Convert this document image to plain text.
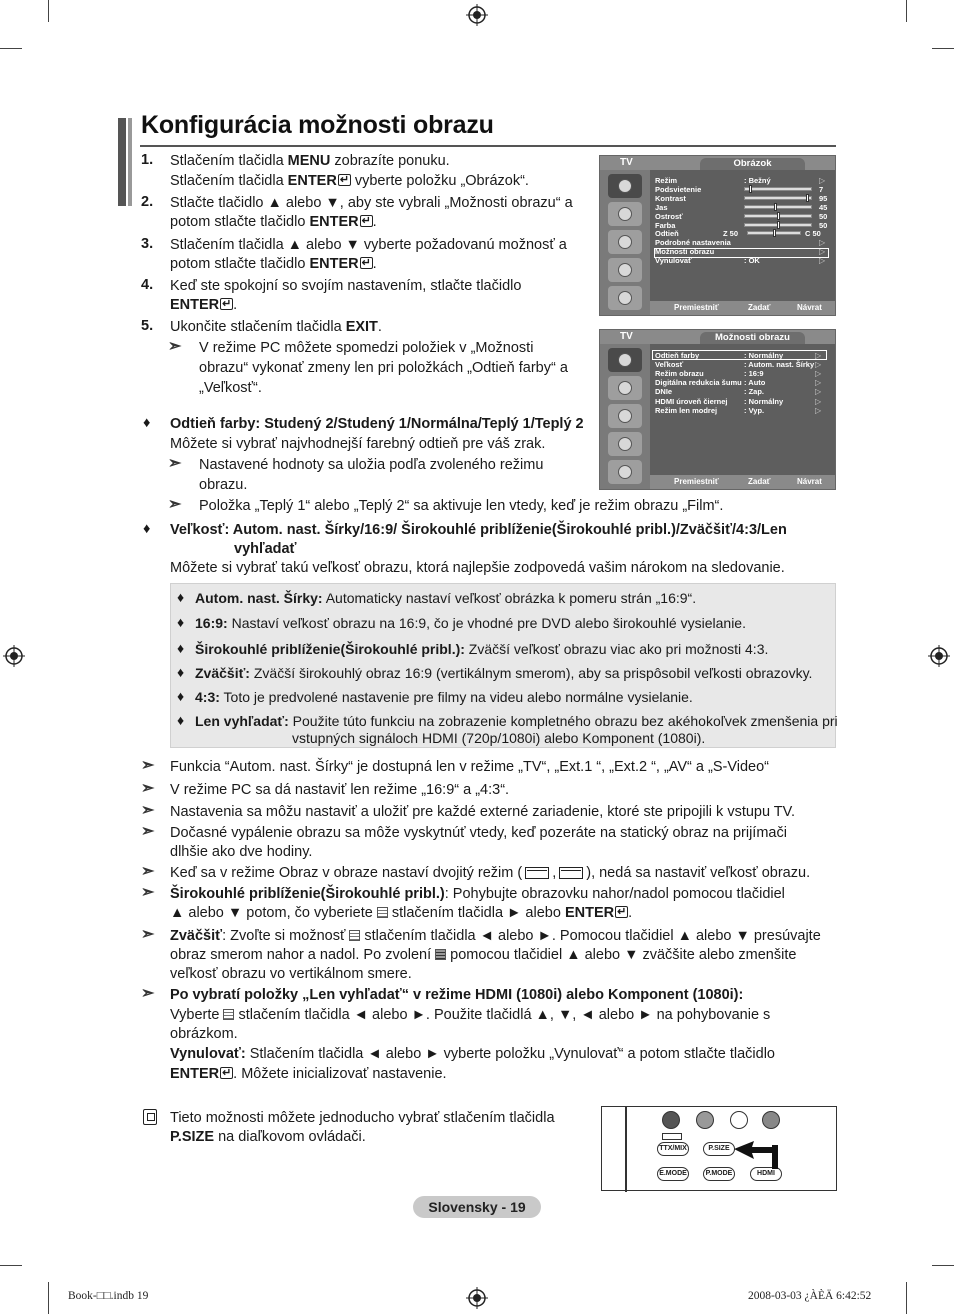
Konfigurácia možnosti obrazu
1. Stlačením tlačidla MENU zobrazíte ponuku.
Stlačením tlačidla ENTER↵ vyberte položku „Obrázok“.
2. Stlačte tlačidlo ▲ alebo ▼, aby ste vybrali „Možnosti obrazu“ a
potom stlačte tlačidlo ENTER ↵ .
3. Stlačením tlačidla ▲ alebo ▼ vyberte požadovanú možnosť a
potom stlačte tlačidlo ENTER ↵ .
4. Keď ste spokojní so svojím nastavením, stlačte tlačidlo
ENTER ↵ .
5. Ukončite stlačením tlačidla EXIT.
➣ V režime PC môžete spomedzi položiek v „Možnosti
obrazu“ vykonať zmeny len pri položkách „Odtieň farby“ a
„Veľkosť“.
TV	Obrázok
Premiestniť	Zadať	Návrat
Režim	: Bežný	▷
Podsvietenie	7
Kontrast	95
Jas	45
Ostrosť	50
Farba	50
Odtieň	Z 50	C 50
Podrobné nastavenia	▷
Možnosti obrazu	▷
Vynulovať	: OK	▷
TV	Možnosti obrazu
Premiestniť	Zadať	Návrat
Odtieň farby	: Normálny	▷
Veľkosť	: Autom. nast. Šírky ▷
Režim obrazu	: 16:9	▷
Digitálna redukcia šumu : Auto	▷
DNIe	: Zap.	▷
HDMI úroveň čiernej : Normálny	▷
Režim len modrej	: Vyp.	▷
♦ Odtieň farby: Studený 2/Studený 1/Normálna/Teplý 1/Teplý 2
Môžete si vybrať najvhodnejší farebný odtieň pre váš zrak.
➣ Nastavené hodnoty sa uložia podľa zvoleného režimu
obrazu.
➣ Položka „Teplý 1“ alebo „Teplý 2“ sa aktivuje len vtedy, keď je režim obrazu „Film“.
♦ Veľkosť: Autom. nast. Šírky/16:9/ Širokouhlé priblíženie(Širokouhlé pribl.)/Zväčšiť/4:3/Len
vyhľadať
Môžete si vybrať takú veľkosť obrazu, ktorá najlepšie zodpovedá vašim nárokom na sledovanie.
➣ Funkcia “Autom. nast. Šírky“ je dostupná len v režime „TV“, „Ext.1 “, „Ext.2 “, „AV“ a „S-Video“
➣ V režime PC sa dá nastaviť len režime „16:9“ a „4:3“.
➣ Nastavenia sa môžu nastaviť a uložiť pre každé externé zariadenie, ktoré ste pripojili k vstupu TV.
➣ Dočasné vypálenie obrazu sa môže vyskytnúť vtedy, keď pozeráte na statický obraz na prijímači
dlhšie ako dve hodiny.
➣ Keď sa v režime Obraz v obraze nastaví dvojitý režim ( , ), nedá sa nastaviť veľkosť obrazu.
➣ Širokouhlé priblíženie(Širokouhlé pribl.): Pohybujte obrazovku nahor/nadol pomocou tlačidiel
▲ alebo ▼ potom, čo vyberiete stlačením tlačidla ► alebo ENTER ↵ .
➣ Zväčšiť: Zvoľte si možnosť stlačením tlačidla ◄ alebo ►. Pomocou tlačidiel ▲ alebo ▼ presúvajte
obraz smerom nahor a nadol. Po zvolení pomocou tlačidiel ▲ alebo ▼ zväčšite alebo zmenšite
veľkosť obrazu vo vertikálnom smere.
➣ Po vybratí položky „Len vyhľadať“ v režime HDMI (1080i) alebo Komponent (1080i):
Vyberte stlačením tlačidla ◄ alebo ►. Použite tlačidlá ▲, ▼, ◄ alebo ► na pohybovanie s
obrázkom.
Vynulovať: Stlačením tlačidla ◄ alebo ► vyberte položku „Vynulovať“ a potom stlačte tlačidlo
ENTER ↵ . Môžete inicializovať nastavenie.
Tieto možnosti môžete jednoducho vybrať stlačením tlačidla
P.SIZE na diaľkovom ovládači.
TTX/MIX	P.SIZE
E.MODE	P.MODE	HDMI
Slovensky - 19
Book-□□.indb 19	2008-03-03 ¿ÀÈÄ 6:42:52
♦ Autom. nast. Šírky: Automaticky nastaví veľkosť obrázka k pomeru strán „16:9“.
♦ 16:9: Nastaví veľkosť obrazu na 16:9, čo je vhodné pre DVD alebo širokouhlé vysielanie.
♦ Širokouhlé priblíženie(Širokouhlé pribl.): Zväčší veľkosť obrazu viac ako pri možnosti 4:3.
♦ Zväčšiť: Zväčší širokouhlý obraz 16:9 (vertikálnym smerom), aby sa prispôsobil veľkosti obrazovky.
♦ 4:3: Toto je predvolené nastavenie pre filmy na videu alebo normálne vysielanie.
♦ Len vyhľadať: Použite túto funkciu na zobrazenie kompletného obrazu bez akéhokoľvek zmenšenia pri
vstupných signáloch HDMI (720p/1080i) alebo Komponent (1080i).
